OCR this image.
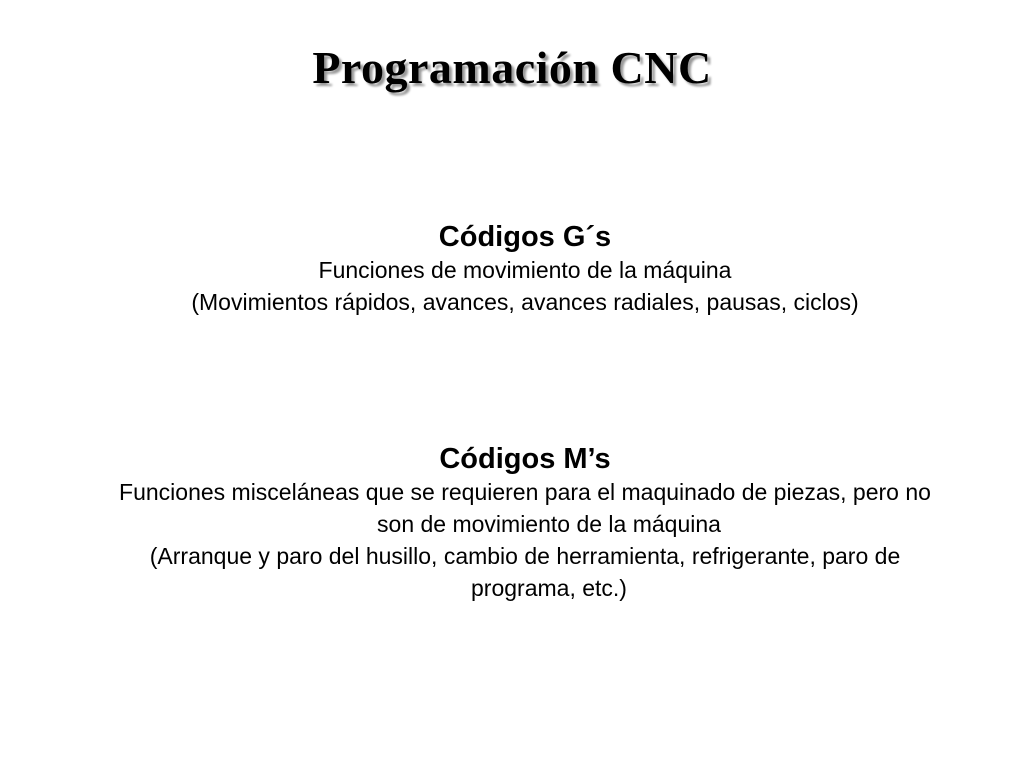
Programación CNC
Códigos G´s
Funciones de movimiento de la máquina
(Movimientos rápidos, avances, avances radiales, pausas, ciclos)
Códigos M’s
Funciones misceláneas que se requieren para el maquinado de piezas, pero no son de movimiento de la máquina
(Arranque y paro del husillo, cambio de herramienta, refrigerante, paro de programa, etc.)
